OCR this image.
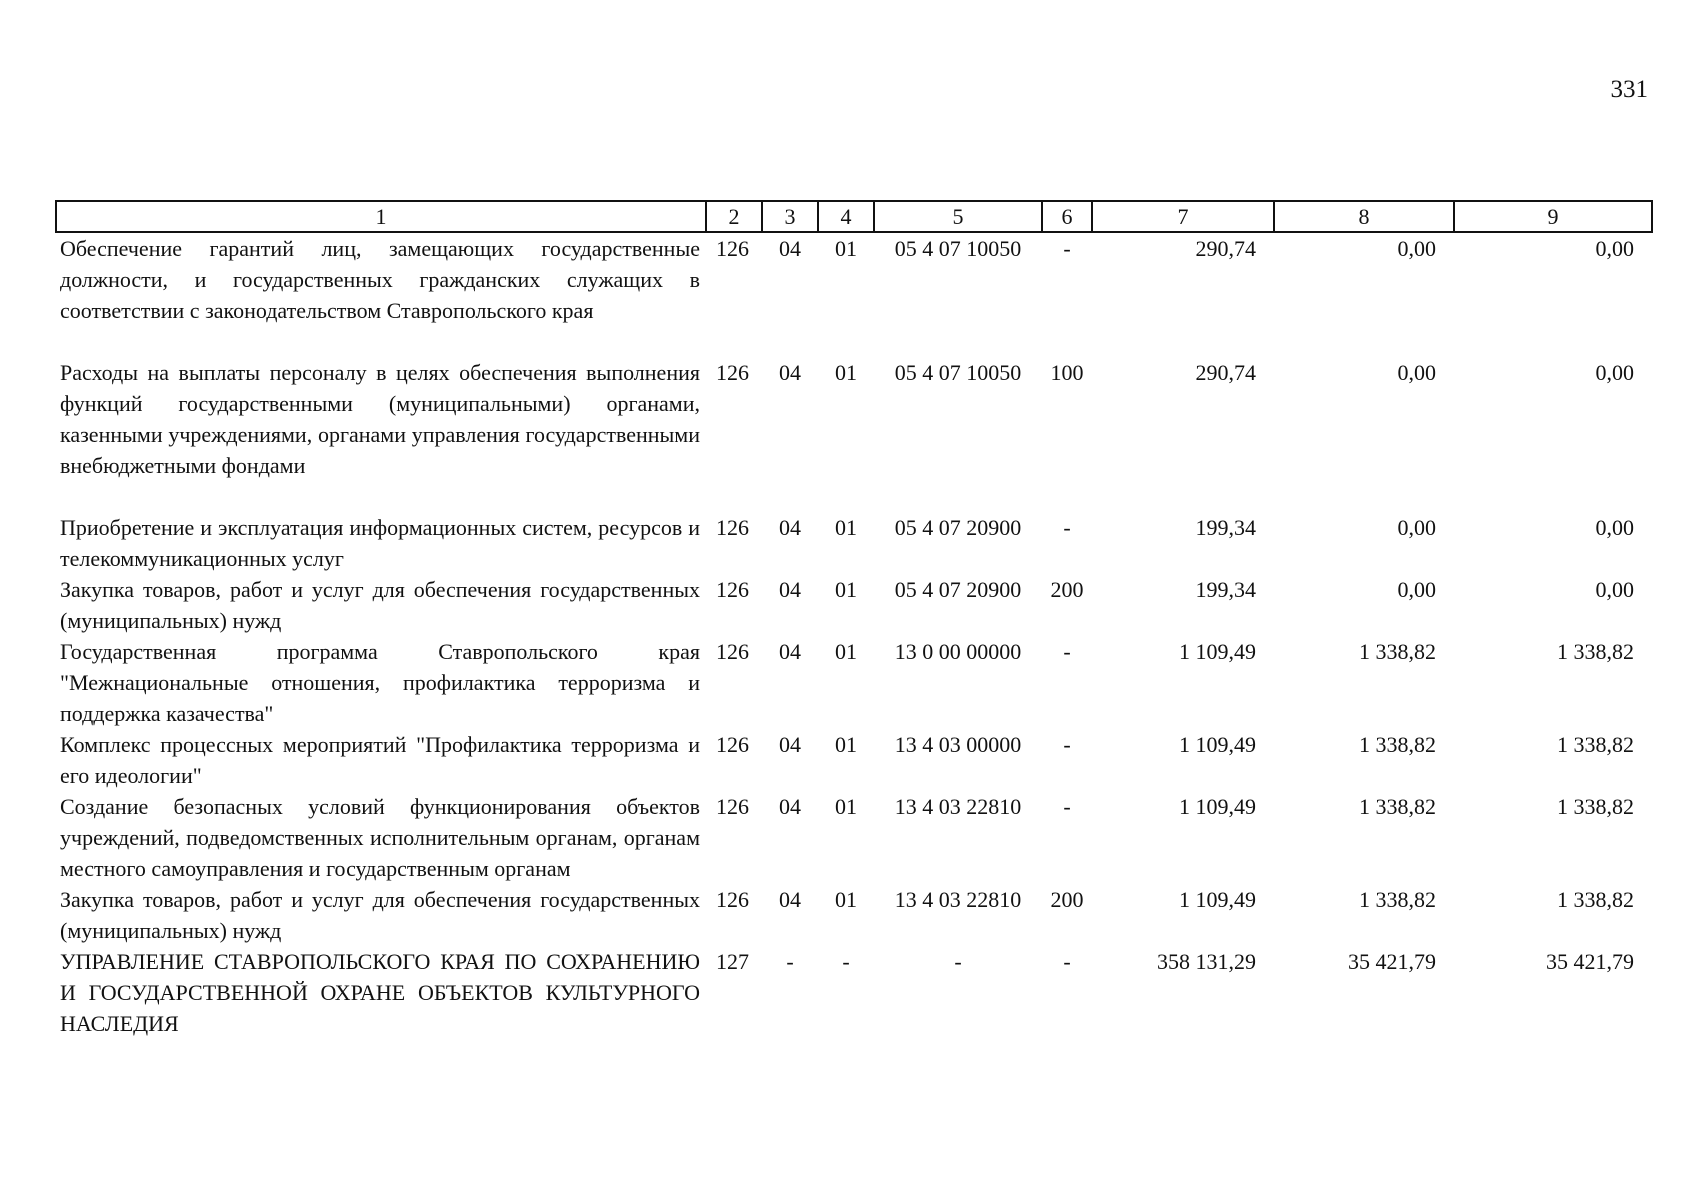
331
1	2	3	4	5	6	7	8	9
Обеспечение гарантий лиц, замещающих государственные должности, и государственных гражданских служащих в соответствии с законодательством Ставропольского края	126	04	01	05 4 07 10050	-	290,74	0,00	0,00
Расходы на выплаты персоналу в целях обеспечения выполнения функций государственными (муниципальными) органами, казенными учреждениями, органами управления государственными внебюджетными фондами	126	04	01	05 4 07 10050	100	290,74	0,00	0,00
Приобретение и эксплуатация информационных систем, ресурсов и телекоммуникационных услуг	126	04	01	05 4 07 20900	-	199,34	0,00	0,00
Закупка товаров, работ и услуг для обеспечения государственных (муниципальных) нужд	126	04	01	05 4 07 20900	200	199,34	0,00	0,00
Государственная программа Ставропольского края "Межнациональные отношения, профилактика терроризма и поддержка казачества"	126	04	01	13 0 00 00000	-	1 109,49	1 338,82	1 338,82
Комплекс процессных мероприятий "Профилактика терроризма и его идеологии"	126	04	01	13 4 03 00000	-	1 109,49	1 338,82	1 338,82
Создание безопасных условий функционирования объектов учреждений, подведомственных исполнительным органам, органам местного самоуправления и государственным органам	126	04	01	13 4 03 22810	-	1 109,49	1 338,82	1 338,82
Закупка товаров, работ и услуг для обеспечения государственных (муниципальных) нужд	126	04	01	13 4 03 22810	200	1 109,49	1 338,82	1 338,82
УПРАВЛЕНИЕ СТАВРОПОЛЬСКОГО КРАЯ ПО СОХРАНЕНИЮ И ГОСУДАРСТВЕННОЙ ОХРАНЕ ОБЪЕКТОВ КУЛЬТУРНОГО НАСЛЕДИЯ	127	-	-	-	-	358 131,29	35 421,79	35 421,79
